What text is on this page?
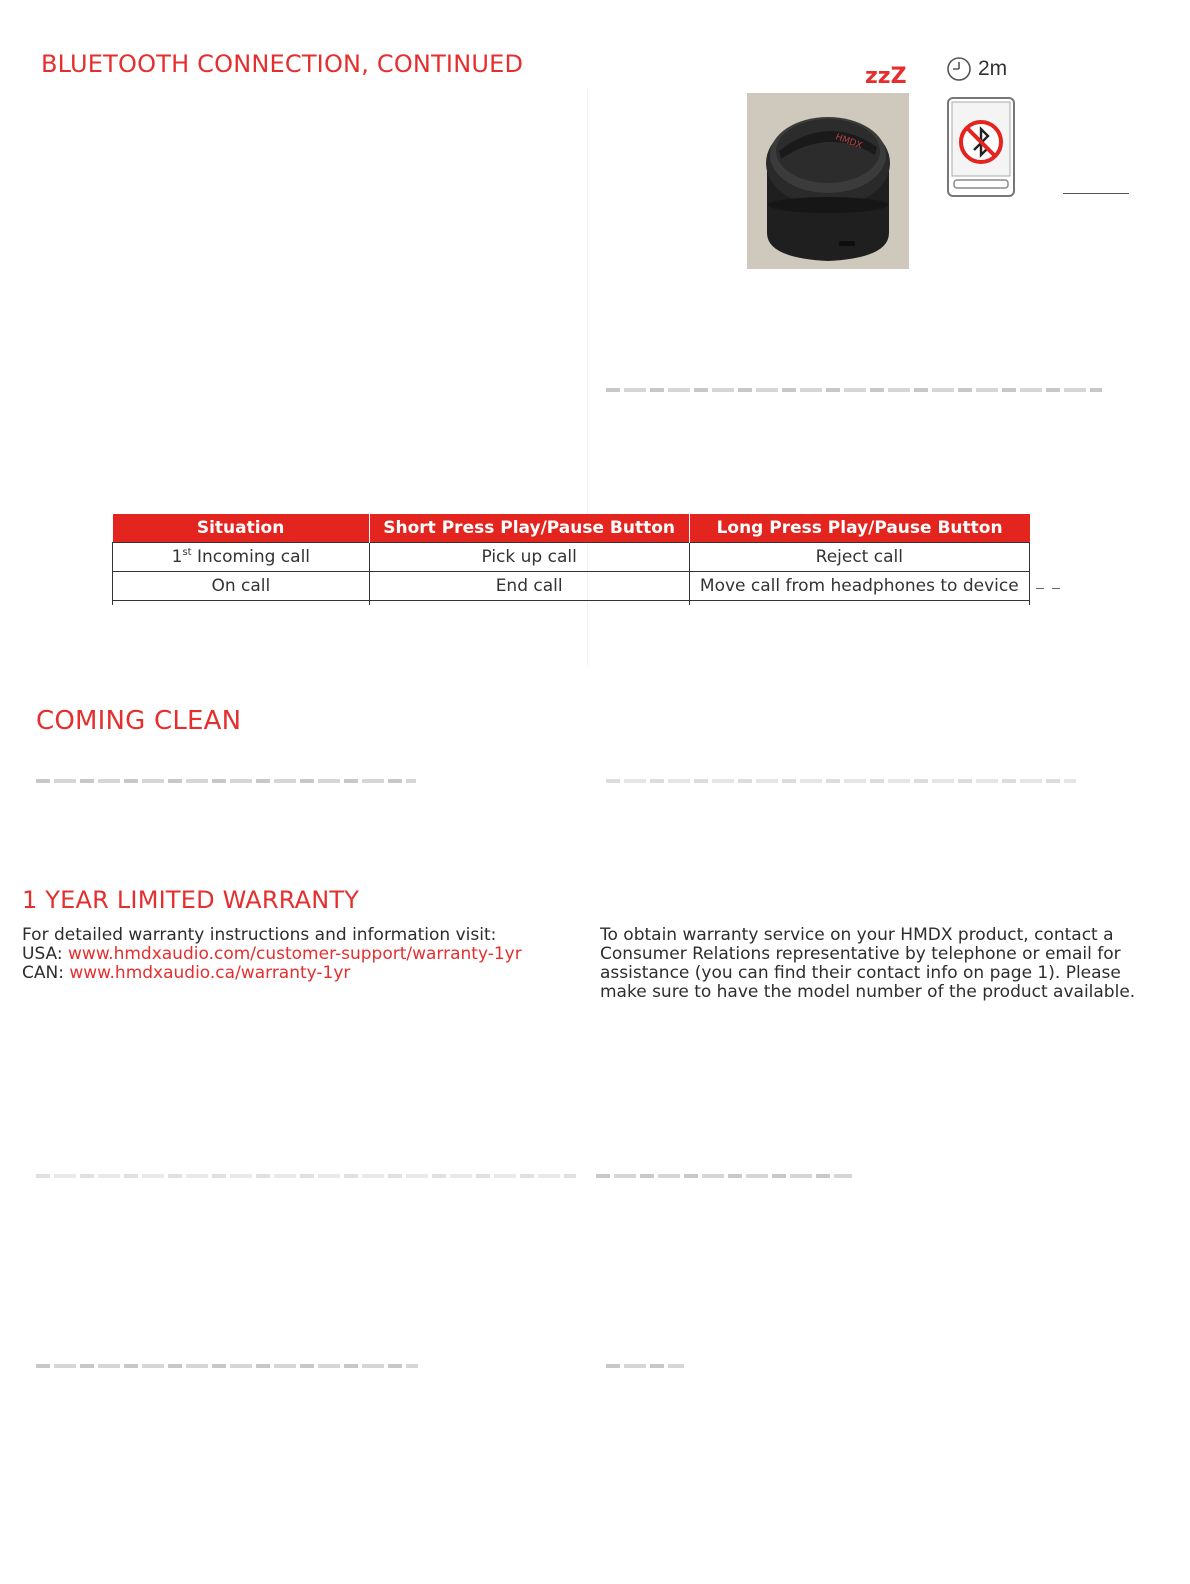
BLUETOOTH CONNECTION, CONTINUED	zzZ
HMDX
2m
Situation	Short Press Play/Pause Button	Long Press Play/Pause Button
1st Incoming call	Pick up call	Reject call
On call	End call	Move call from headphones to device

COMING CLEAN
1 YEAR LIMITED WARRANTY

For detailed warranty instructions and information visit:

USA: www.hmdxaudio.com/customer-support/warranty-1yr

CAN: www.hmdxaudio.ca/warranty-1yr

To obtain warranty service on your HMDX product, contact a Consumer Relations representative by telephone or email for assistance (you can find their contact info on page 1). Please make sure to have the model number of the product available.
